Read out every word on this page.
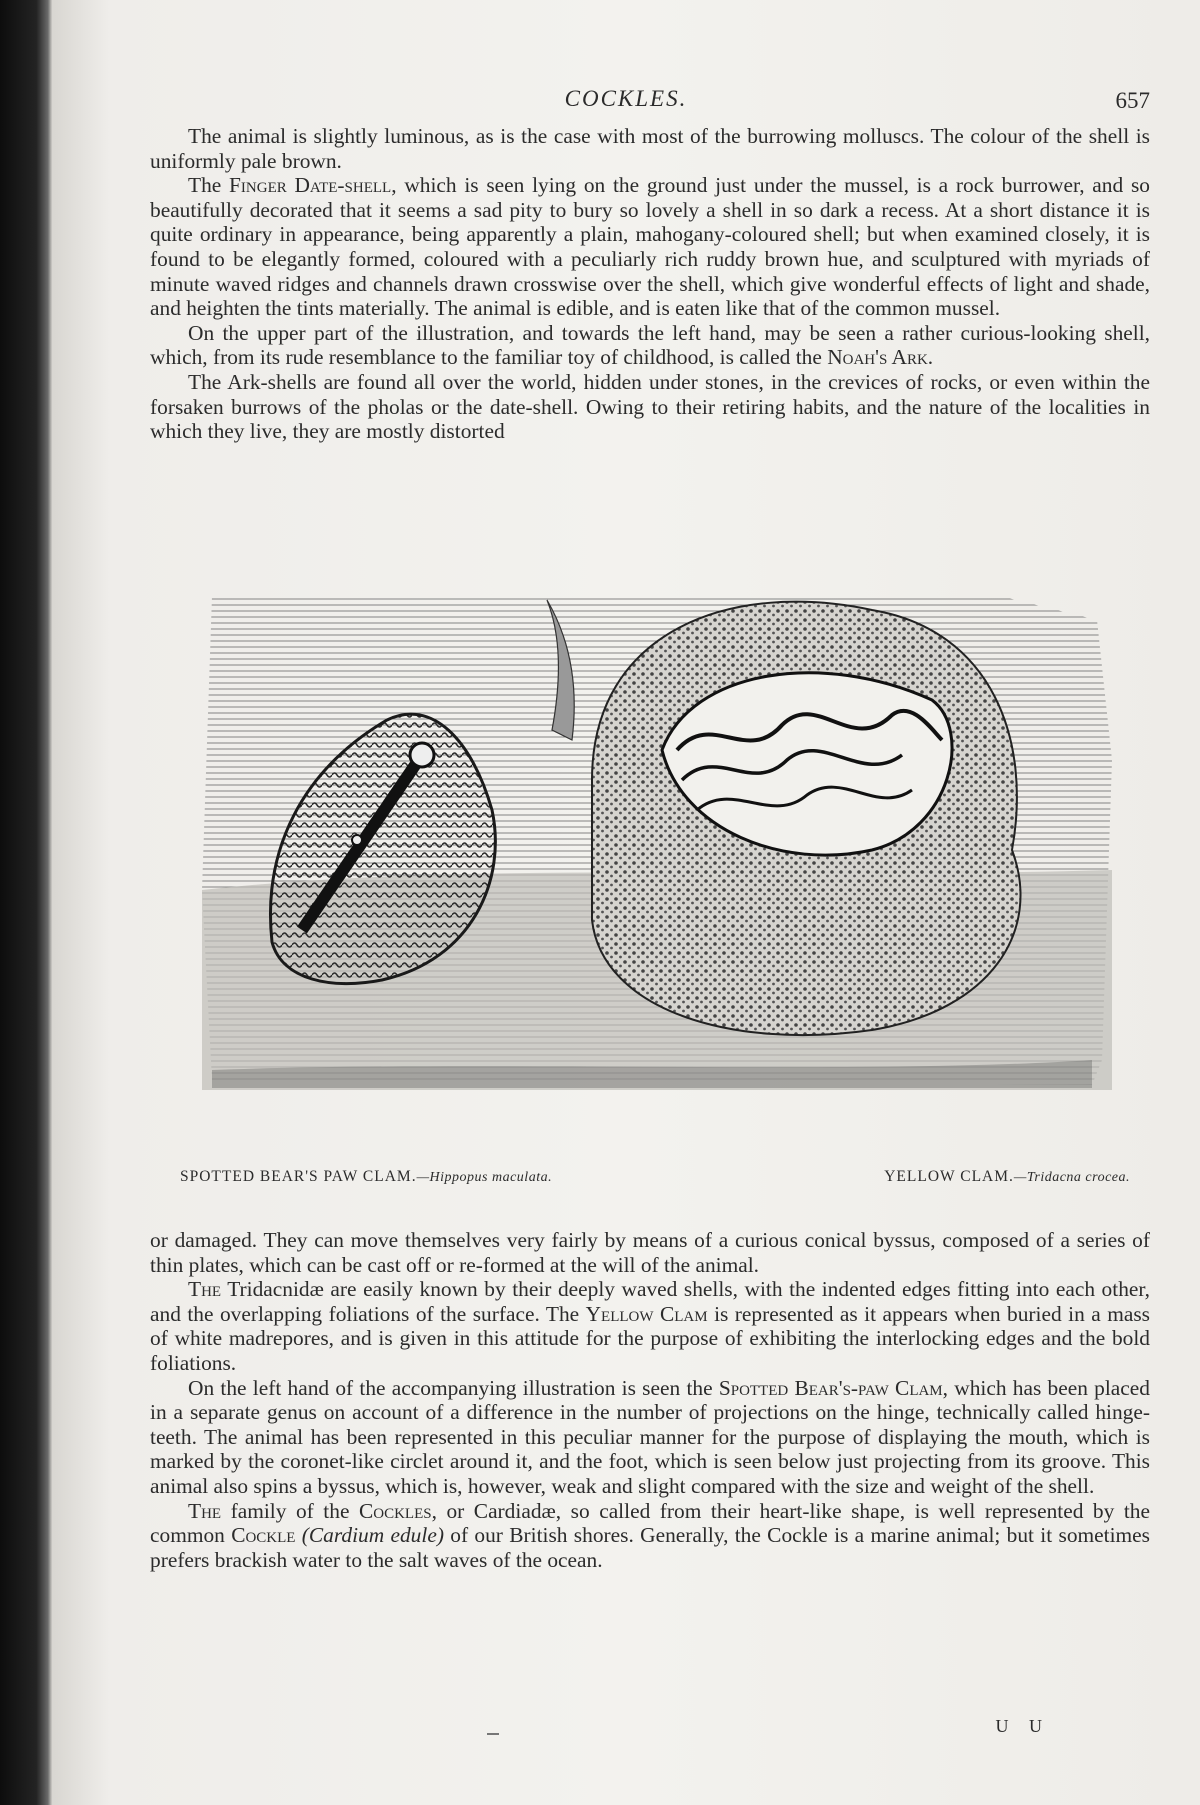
COCKLES.	657

The animal is slightly luminous, as is the case with most of the burrowing molluscs. The colour of the shell is uniformly pale brown.

The Finger Date-shell, which is seen lying on the ground just under the mussel, is a rock burrower, and so beautifully decorated that it seems a sad pity to bury so lovely a shell in so dark a recess. At a short distance it is quite ordinary in appearance, being apparently a plain, mahogany-coloured shell; but when examined closely, it is found to be elegantly formed, coloured with a peculiarly rich ruddy brown hue, and sculptured with myriads of minute waved ridges and channels drawn crosswise over the shell, which give wonderful effects of light and shade, and heighten the tints materially. The animal is edible, and is eaten like that of the common mussel.

On the upper part of the illustration, and towards the left hand, may be seen a rather curious-looking shell, which, from its rude resemblance to the familiar toy of childhood, is called the Noah's Ark.

The Ark-shells are found all over the world, hidden under stones, in the crevices of rocks, or even within the forsaken burrows of the pholas or the date-shell. Owing to their retiring habits, and the nature of the localities in which they live, they are mostly distorted

SPOTTED BEAR'S PAW CLAM.—Hippopus maculata.	YELLOW CLAM.—Tridacna crocea.

or damaged. They can move themselves very fairly by means of a curious conical byssus, composed of a series of thin plates, which can be cast off or re-formed at the will of the animal.

The Tridacnidæ are easily known by their deeply waved shells, with the indented edges fitting into each other, and the overlapping foliations of the surface. The Yellow Clam is represented as it appears when buried in a mass of white madrepores, and is given in this attitude for the purpose of exhibiting the interlocking edges and the bold foliations.

On the left hand of the accompanying illustration is seen the Spotted Bear's-paw Clam, which has been placed in a separate genus on account of a difference in the number of projections on the hinge, technically called hinge-teeth. The animal has been represented in this peculiar manner for the purpose of displaying the mouth, which is marked by the coronet-like circlet around it, and the foot, which is seen below just projecting from its groove. This animal also spins a byssus, which is, however, weak and slight compared with the size and weight of the shell.

The family of the Cockles, or Cardiadæ, so called from their heart-like shape, is well represented by the common Cockle (Cardium edule) of our British shores. Generally, the Cockle is a marine animal; but it sometimes prefers brackish water to the salt waves of the ocean.

U U
